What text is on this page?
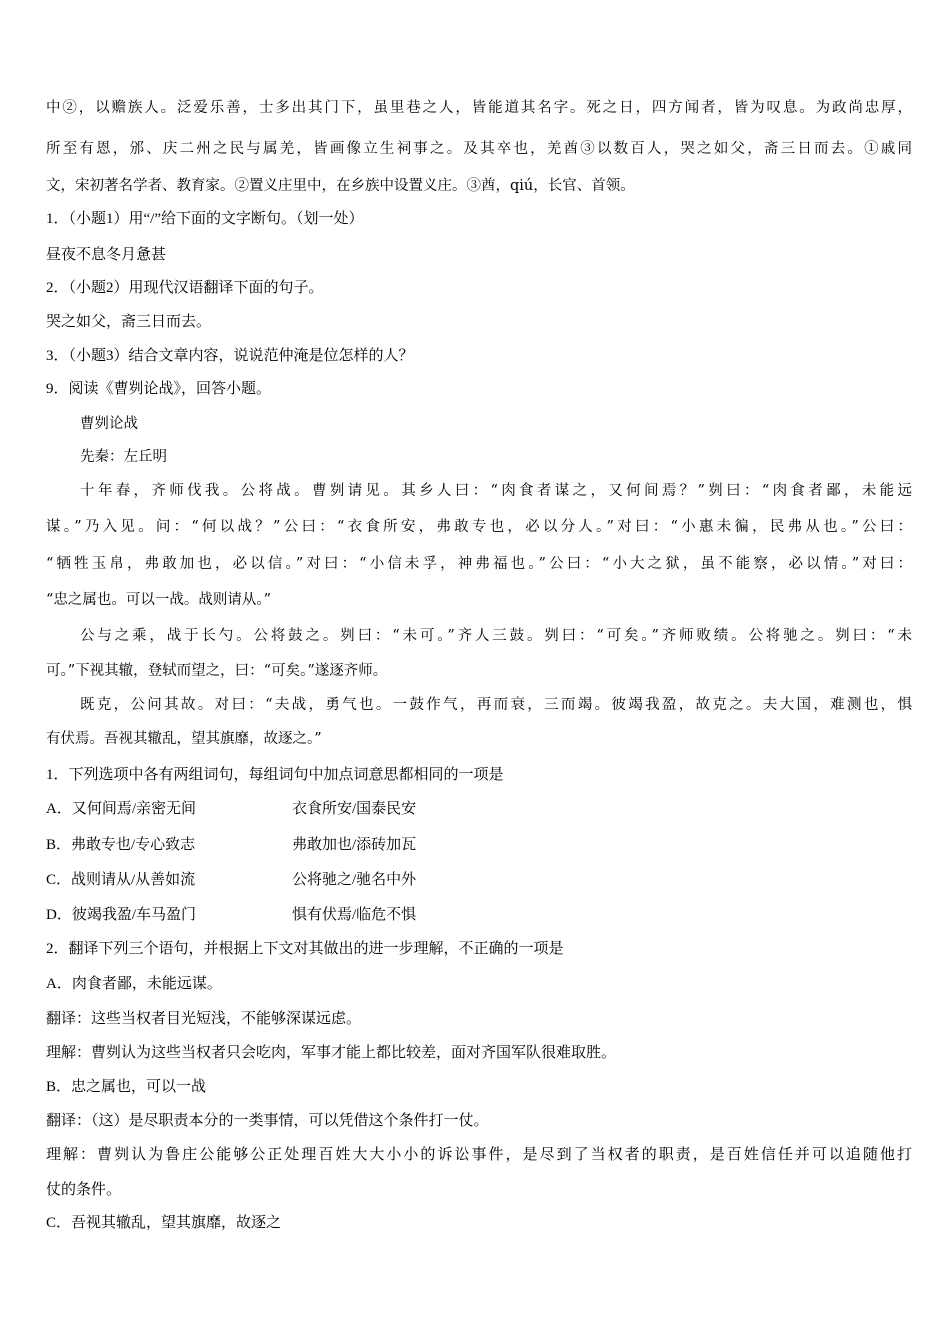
中②，以赡族人。泛爱乐善，士多出其门下，虽里巷之人，皆能道其名字。死之日，四方闻者，皆为叹息。为政尚忠厚，
所至有恩，邠、庆二州之民与属羌，皆画像立生祠事之。及其卒也，羌酋③以数百人，哭之如父，斋三日而去。①戚同
文，宋初著名学者、教育家。②置义庄里中，在乡族中设置义庄。③酋，qiú，长官、首领。
1．（小题1）用“/”给下面的文字断句。（划一处）
昼夜不息冬月惫甚
2．（小题2）用现代汉语翻译下面的句子。
哭之如父，斋三日而去。
3．（小题3）结合文章内容，说说范仲淹是位怎样的人？
9．阅读《曹刿论战》，回答小题。
曹刿论战
先秦：左丘明
十年春，齐师伐我。公将战。曹刿请见。其乡人曰：“肉食者谋之，又何间焉？”刿曰：“肉食者鄙，未能远
谋。”乃入见。问：“何以战？”公曰：“衣食所安，弗敢专也，必以分人。”对曰：“小惠未徧，民弗从也。”公曰：
“牺牲玉帛，弗敢加也，必以信。”对曰：“小信未孚，神弗福也。”公曰：“小大之狱，虽不能察，必以情。”对曰：
“忠之属也。可以一战。战则请从。”
公与之乘，战于长勺。公将鼓之。刿曰：“未可。”齐人三鼓。刿曰：“可矣。”齐师败绩。公将驰之。刿曰：“未
可。”下视其辙，登轼而望之，曰：“可矣。”遂逐齐师。
既克，公问其故。对曰：“夫战，勇气也。一鼓作气，再而衰，三而竭。彼竭我盈，故克之。夫大国，难测也，惧
有伏焉。吾视其辙乱，望其旗靡，故逐之。”
1．下列选项中各有两组词句，每组词句中加点词意思都相同的一项是
A．又何间焉/亲密无间	衣食所安/国泰民安
B．弗敢专也/专心致志	弗敢加也/添砖加瓦
C．战则请从/从善如流	公将驰之/驰名中外
D．彼竭我盈/车马盈门	惧有伏焉/临危不惧
2．翻译下列三个语句，并根据上下文对其做出的进一步理解，不正确的一项是
A．肉食者鄙，未能远谋。
翻译：这些当权者目光短浅，不能够深谋远虑。
理解：曹刿认为这些当权者只会吃肉，军事才能上都比较差，面对齐国军队很难取胜。
B．忠之属也，可以一战
翻译：（这）是尽职责本分的一类事情，可以凭借这个条件打一仗。
理解：曹刿认为鲁庄公能够公正处理百姓大大小小的诉讼事件，是尽到了当权者的职责，是百姓信任并可以追随他打
仗的条件。
C．吾视其辙乱，望其旗靡，故逐之
